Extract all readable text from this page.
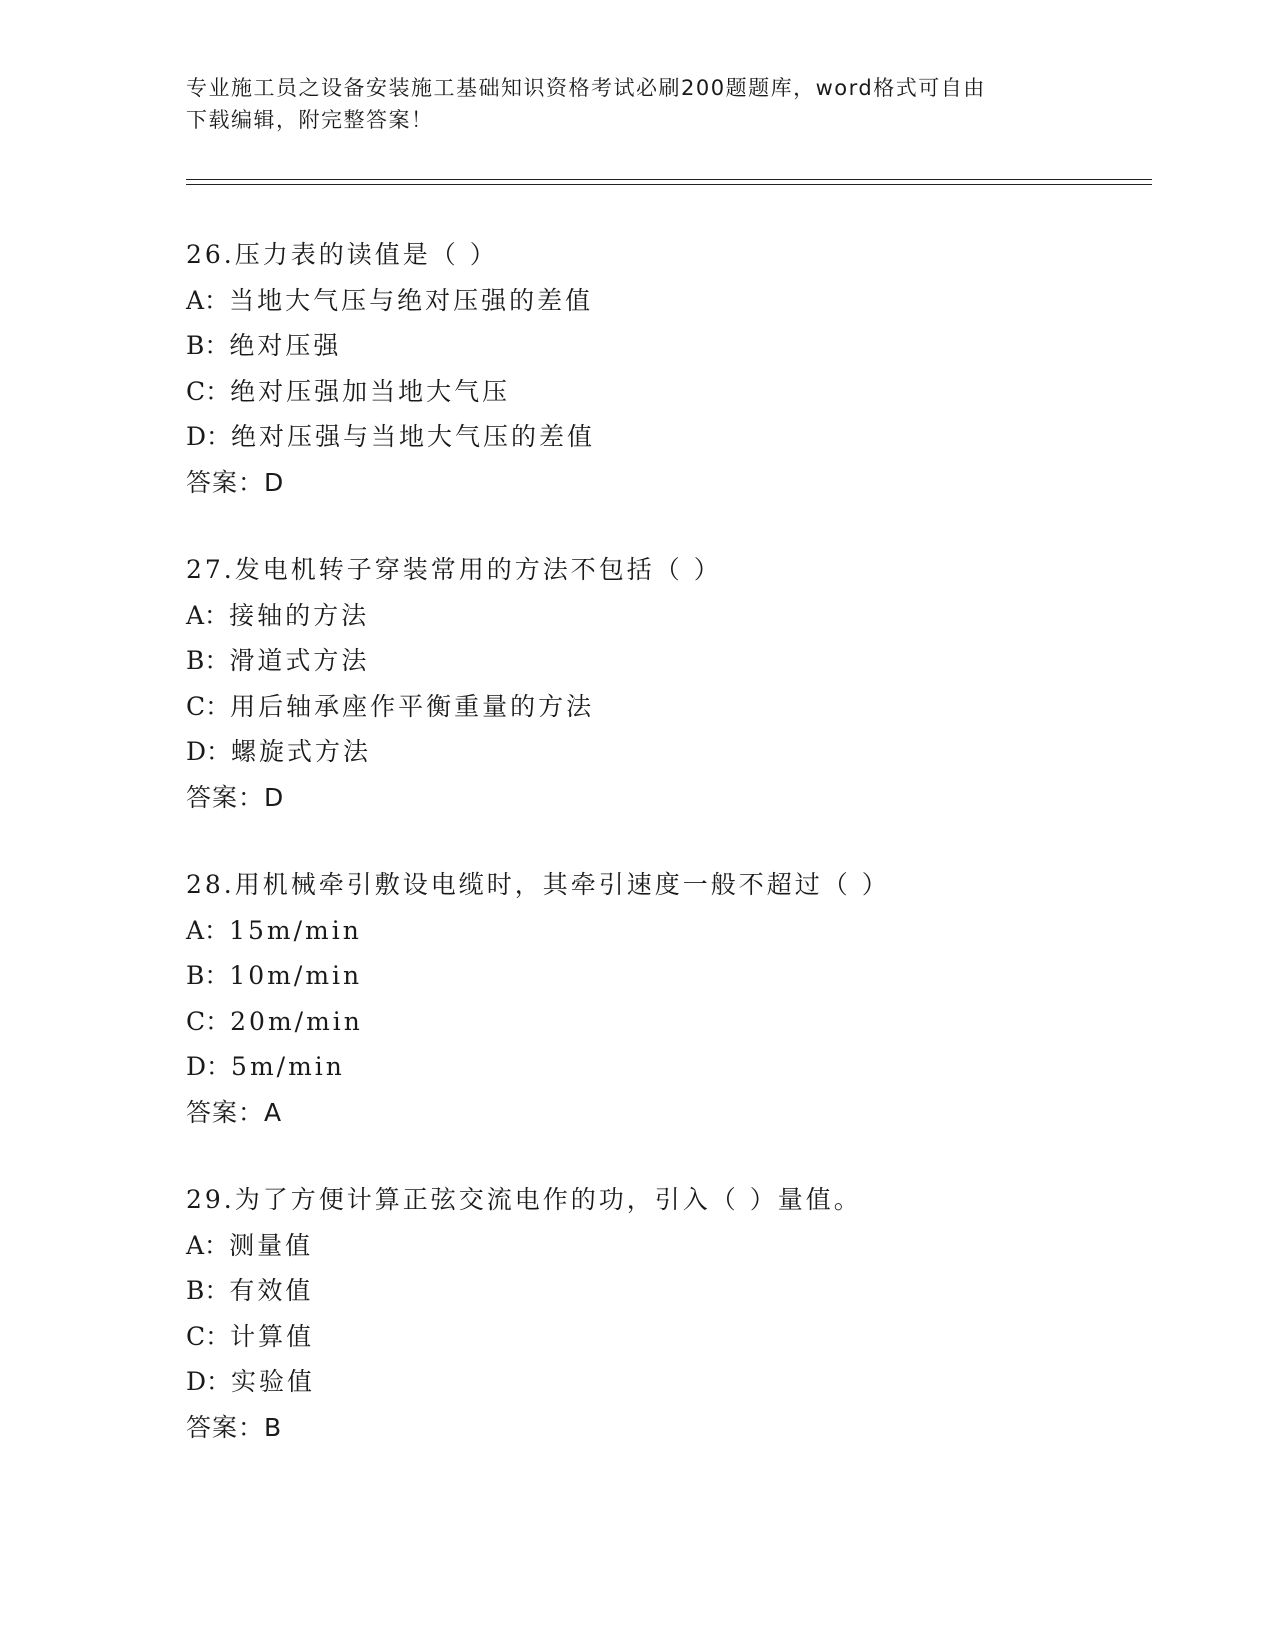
专业施工员之设备安装施工基础知识资格考试必刷200题题库，word格式可自由
下载编辑，附完整答案！
26.压力表的读值是（ ）
A：当地大气压与绝对压强的差值
B：绝对压强
C：绝对压强加当地大气压
D：绝对压强与当地大气压的差值
答案：D
27.发电机转子穿装常用的方法不包括（ ）
A：接轴的方法
B：滑道式方法
C：用后轴承座作平衡重量的方法
D：螺旋式方法
答案：D
28.用机械牵引敷设电缆时，其牵引速度一般不超过（ ）
A：15m/min
B：10m/min
C：20m/min
D：5m/min
答案：A
29.为了方便计算正弦交流电作的功，引入（ ）量值。
A：测量值
B：有效值
C：计算值
D：实验值
答案：B
